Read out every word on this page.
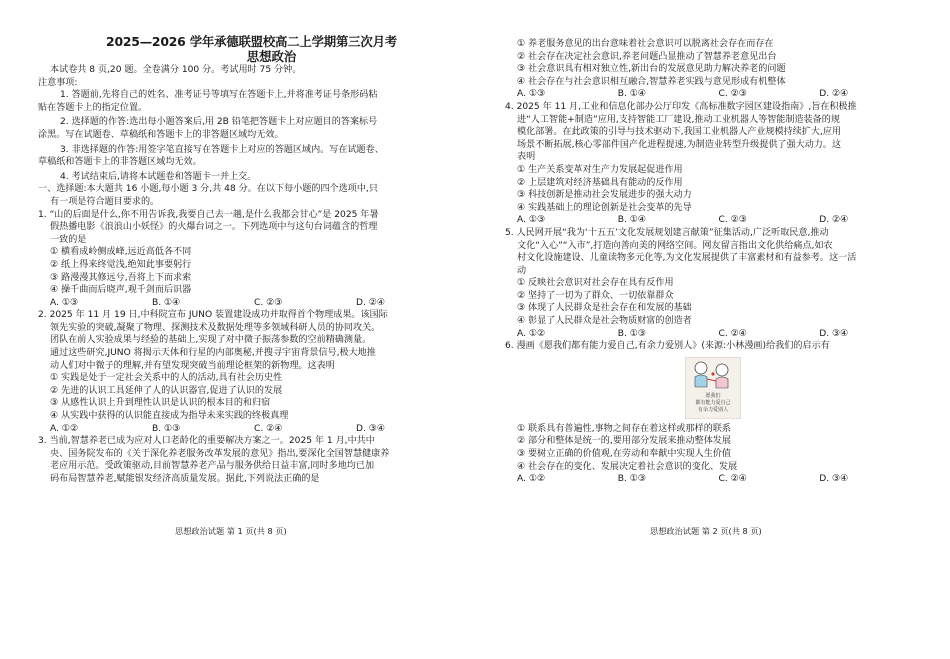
2025—2026 学年承德联盟校高二上学期第三次月考
思想政治
本试卷共 8 页,20 题。全卷满分 100 分。考试用时 75 分钟。
注意事项:
1. 答题前,先将自己的姓名、准考证号等填写在答题卡上,并将准考证号条形码粘
贴在答题卡上的指定位置。
2. 选择题的作答:选出每小题答案后,用 2B 铅笔把答题卡上对应题目的答案标号
涂黑。写在试题卷、草稿纸和答题卡上的非答题区域均无效。
3. 非选择题的作答:用签字笔直接写在答题卡上对应的答题区域内。写在试题卷、
草稿纸和答题卡上的非答题区域均无效。
4. 考试结束后,请将本试题卷和答题卡一并上交。
一、选择题:本大题共 16 小题,每小题 3 分,共 48 分。在以下每小题的四个选项中,只
有一项是符合题目要求的。
1. “山的后面是什么,你不用告诉我,我要自己去一趟,是什么我都会甘心”是 2025 年暑
假热播电影《浪浪山小妖怪》的火爆台词之一。下列选项中与这句台词蕴含的哲理
一致的是
① 横看成岭侧成峰,远近高低各不同
② 纸上得来终觉浅,绝知此事要躬行
③ 路漫漫其修远兮,吾将上下而求索
④ 操千曲而后晓声,观千剑而后识器
A. ①③	B. ①④	C. ②③	D. ②④
2. 2025 年 11 月 19 日,中科院宣布 JUNO 装置建设成功并取得首个物理成果。该国际
领先实验的突破,凝聚了物理、探测技术及数据处理等多领域科研人员的协同攻关。
团队在前人实验成果与经验的基础上,实现了对中微子振荡参数的空前精确测量。
通过这些研究,JUNO 将揭示天体和行星的内部奥秘,并搜寻宇宙背景信号,极大地推
动人们对中微子的理解,并有望发现突破当前理论框架的新物理。这表明
① 实践是处于一定社会关系中的人的活动,具有社会历史性
② 先进的认识工具延伸了人的认识器官,促进了认识的发展
③ 从感性认识上升到理性认识是认识的根本目的和归宿
④ 从实践中获得的认识能直接成为指导未来实践的终极真理
A. ①②	B. ①③	C. ②④	D. ③④
3. 当前,智慧养老已成为应对人口老龄化的重要解决方案之一。2025 年 1 月,中共中
央、国务院发布的《关于深化养老服务改革发展的意见》指出,要深化全国智慧健康养
老应用示范。受政策驱动,目前智慧养老产品与服务供给日益丰富,同时多地均已加
码布局智慧养老,赋能银发经济高质量发展。据此,下列说法正确的是
思想政治试题 第 1 页(共 8 页)
① 养老服务意见的出台意味着社会意识可以脱离社会存在而存在
② 社会存在决定社会意识,养老问题凸显推动了智慧养老意见出台
③ 社会意识具有相对独立性,新出台的发展意见助力解决养老的问题
④ 社会存在与社会意识相互融合,智慧养老实践与意见形成有机整体
A. ①③	B. ①④	C. ②③	D. ②④
4. 2025 年 11 月,工业和信息化部办公厅印发《高标准数字园区建设指南》,旨在积极推
进“人工智能+制造”应用,支持智能工厂建设,推动工业机器人等智能制造装备的规
模化部署。在此政策的引导与技术驱动下,我国工业机器人产业规模持续扩大,应用
场景不断拓展,核心零部件国产化进程提速,为制造业转型升级提供了强大动力。这
表明
① 生产关系变革对生产力发展起促进作用
② 上层建筑对经济基础具有能动的反作用
③ 科技创新是推动社会发展进步的强大动力
④ 实践基础上的理论创新是社会变革的先导
A. ①③	B. ①④	C. ②③	D. ②④
5. 人民网开展“我为‘十五五’文化发展规划建言献策”征集活动,广泛听取民意,推动
文化“入心”“入市”,打造向善向美的网络空间。网友留言指出文化供给痛点,如农
村文化设施建设、儿童读物多元化等,为文化发展提供了丰富素材和有益参考。这一活
动
① 反映社会意识对社会存在具有反作用
② 坚持了一切为了群众、一切依靠群众
③ 体现了人民群众是社会存在和发展的基础
④ 彰显了人民群众是社会物质财富的创造者
A. ①②	B. ①③	C. ②④	D. ③④
6. 漫画《愿我们都有能力爱自己,有余力爱别人》(来源:小林漫画)给我们的启示有
愿我们
都有能力爱自己
有余力爱别人
① 联系具有普遍性,事物之间存在着这样或那样的联系
② 部分和整体是统一的,要用部分发展来推动整体发展
③ 要树立正确的价值观,在劳动和奉献中实现人生价值
④ 社会存在的变化、发展决定着社会意识的变化、发展
A. ①②	B. ①③	C. ②④	D. ③④
思想政治试题 第 2 页(共 8 页)
